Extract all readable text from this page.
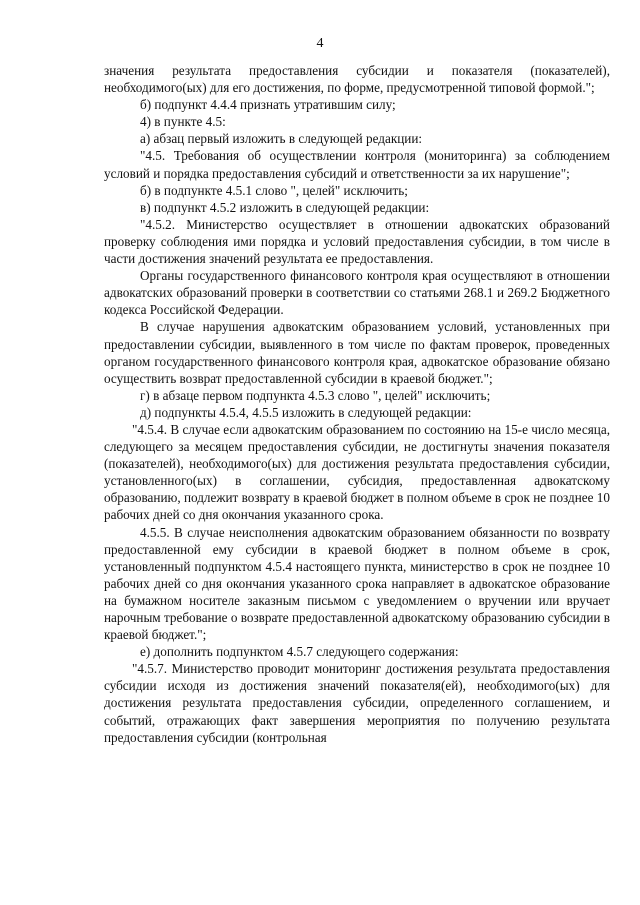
4

значения результата предоставления субсидии и показателя (показателей), необходимого(ых) для его достижения, по форме, предусмотренной типовой формой.";

б) подпункт 4.4.4 признать утратившим силу;

4) в пункте 4.5:

а) абзац первый изложить в следующей редакции:

"4.5. Требования об осуществлении контроля (мониторинга) за соблюдением условий и порядка предоставления субсидий и ответственности за их нарушение";

б) в подпункте 4.5.1 слово ", целей" исключить;

в) подпункт 4.5.2 изложить в следующей редакции:

"4.5.2. Министерство осуществляет в отношении адвокатских образований проверку соблюдения ими порядка и условий предоставления субсидии, в том числе в части достижения значений результата ее предоставления.

Органы государственного финансового контроля края осуществляют в отношении адвокатских образований проверки в соответствии со статьями 268.1 и 269.2 Бюджетного кодекса Российской Федерации.

В случае нарушения адвокатским образованием условий, установленных при предоставлении субсидии, выявленного в том числе по фактам проверок, проведенных органом государственного финансового контроля края, адвокатское образование обязано осуществить возврат предоставленной субсидии в краевой бюджет.";

г) в абзаце первом подпункта 4.5.3 слово ", целей" исключить;

д) подпункты 4.5.4, 4.5.5 изложить в следующей редакции:

"4.5.4. В случае если адвокатским образованием по состоянию на 15-е число месяца, следующего за месяцем предоставления субсидии, не достигнуты значения показателя (показателей), необходимого(ых) для достижения результата предоставления субсидии, установленного(ых) в соглашении, субсидия, предоставленная адвокатскому образованию, подлежит возврату в краевой бюджет в полном объеме в срок не позднее 10 рабочих дней со дня окончания указанного срока.

4.5.5. В случае неисполнения адвокатским образованием обязанности по возврату предоставленной ему субсидии в краевой бюджет в полном объеме в срок, установленный подпунктом 4.5.4 настоящего пункта, министерство в срок не позднее 10 рабочих дней со дня окончания указанного срока направляет в адвокатское образование на бумажном носителе заказным письмом с уведомлением о вручении или вручает нарочным требование о возврате предоставленной адвокатскому образованию субсидии в краевой бюджет.";

е) дополнить подпунктом 4.5.7 следующего содержания:

"4.5.7. Министерство проводит мониторинг достижения результата предоставления субсидии исходя из достижения значений показателя(ей), необходимого(ых) для достижения результата предоставления субсидии, определенного соглашением, и событий, отражающих факт завершения мероприятия по получению результата предоставления субсидии (контрольная
